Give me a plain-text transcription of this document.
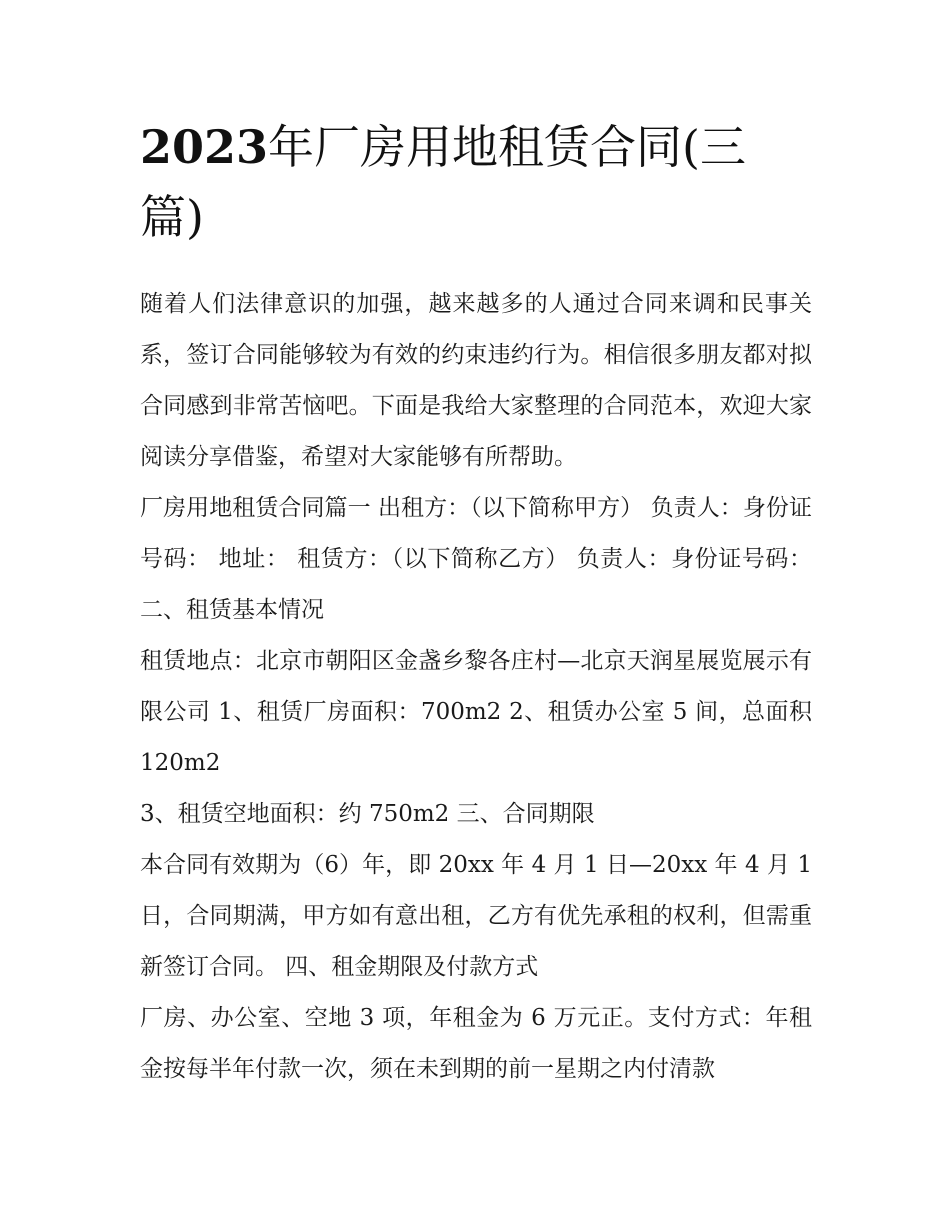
2023年厂房用地租赁合同(三篇)

随着人们法律意识的加强，越来越多的人通过合同来调和民事关系，签订合同能够较为有效的约束违约行为。相信很多朋友都对拟合同感到非常苦恼吧。下面是我给大家整理的合同范本，欢迎大家阅读分享借鉴，希望对大家能够有所帮助。

厂房用地租赁合同篇一 出租方：（以下简称甲方） 负责人：身份证号码： 地址： 租赁方：（以下简称乙方） 负责人：身份证号码： 二、租赁基本情况

租赁地点：北京市朝阳区金盏乡黎各庄村—北京天润星展览展示有限公司 1、租赁厂房面积：700m2 2、租赁办公室 5 间，总面积 120m2

3、租赁空地面积：约 750m2 三、合同期限

本合同有效期为（6）年，即 20xx 年 4 月 1 日—20xx 年 4 月 1 日，合同期满，甲方如有意出租，乙方有优先承租的权利，但需重新签订合同。 四、租金期限及付款方式

厂房、办公室、空地 3 项，年租金为 6 万元正。支付方式：年租金按每半年付款一次，须在未到期的前一星期之内付清款
